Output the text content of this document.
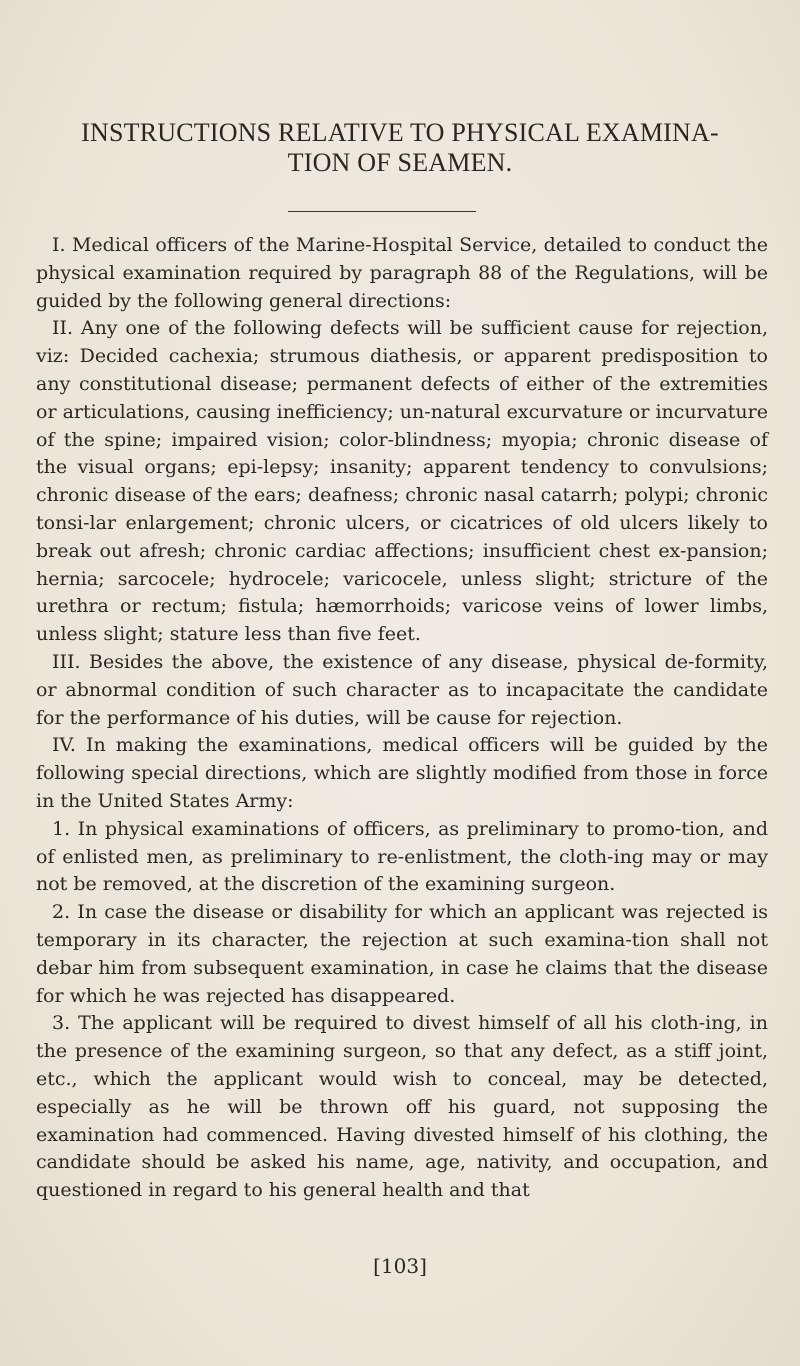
INSTRUCTIONS RELATIVE TO PHYSICAL EXAMINA-
TION OF SEAMEN.

I. Medical officers of the Marine-Hospital Service, detailed to conduct the physical examination required by paragraph 88 of the Regulations, will be guided by the following general directions:

II. Any one of the following defects will be sufficient cause for rejection, viz: Decided cachexia; strumous diathesis, or apparent predisposition to any constitutional disease; permanent defects of either of the extremities or articulations, causing inefficiency; un-natural excurvature or incurvature of the spine; impaired vision; color-blindness; myopia; chronic disease of the visual organs; epi-lepsy; insanity; apparent tendency to convulsions; chronic disease of the ears; deafness; chronic nasal catarrh; polypi; chronic tonsi-lar enlargement; chronic ulcers, or cicatrices of old ulcers likely to break out afresh; chronic cardiac affections; insufficient chest ex-pansion; hernia; sarcocele; hydrocele; varicocele, unless slight; stricture of the urethra or rectum; fistula; hæmorrhoids; varicose veins of lower limbs, unless slight; stature less than five feet.

III. Besides the above, the existence of any disease, physical de-formity, or abnormal condition of such character as to incapacitate the candidate for the performance of his duties, will be cause for rejection.

IV. In making the examinations, medical officers will be guided by the following special directions, which are slightly modified from those in force in the United States Army:

1. In physical examinations of officers, as preliminary to promo-tion, and of enlisted men, as preliminary to re-enlistment, the cloth-ing may or may not be removed, at the discretion of the examining surgeon.

2. In case the disease or disability for which an applicant was rejected is temporary in its character, the rejection at such examina-tion shall not debar him from subsequent examination, in case he claims that the disease for which he was rejected has disappeared.

3. The applicant will be required to divest himself of all his cloth-ing, in the presence of the examining surgeon, so that any defect, as a stiff joint, etc., which the applicant would wish to conceal, may be detected, especially as he will be thrown off his guard, not supposing the examination had commenced. Having divested himself of his clothing, the candidate should be asked his name, age, nativity, and occupation, and questioned in regard to his general health and that

[103]
